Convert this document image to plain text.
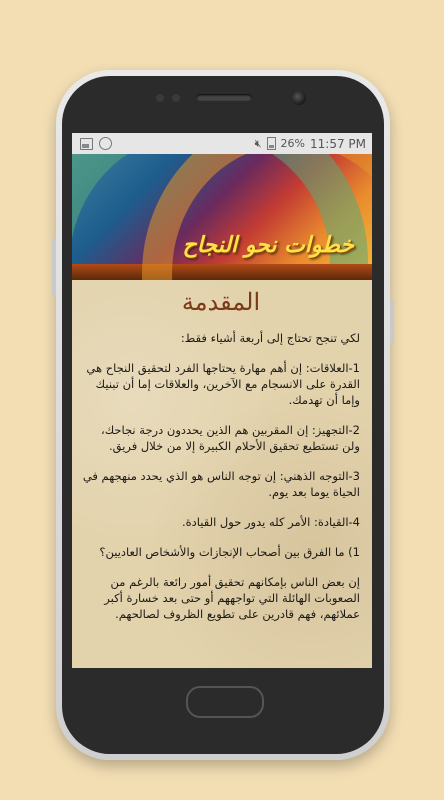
🔇︎ 26% 11:57 PM
خطوات نحو النجاح
المقدمة

لكي تنجح تحتاج إلى أربعة أشياء فقط:

1-العلاقات: إن أهم مهارة يحتاجها الفرد لتحقيق النجاح هي القدرة على الانسجام مع الآخرين، والعلاقات إما أن تبنيك وإما أن تهدمك.

2-التجهيز: إن المقربين هم الذين يحددون درجة نجاحك، ولن تستطيع تحقيق الأحلام الكبيرة إلا من خلال فريق.

3-التوجه الذهني: إن توجه الناس هو الذي يحدد منهجهم في الحياة يوما بعد يوم.

4-القيادة: الأمر كله يدور حول القيادة.

1) ما الفرق بين أصحاب الإنجازات والأشخاص العاديين؟

إن بعض الناس بإمكانهم تحقيق أمور رائعة بالرغم من الصعوبات الهائلة التي تواجههم أو حتى بعد خسارة أكبر عملائهم، فهم قادرين على تطويع الظروف لصالحهم.
